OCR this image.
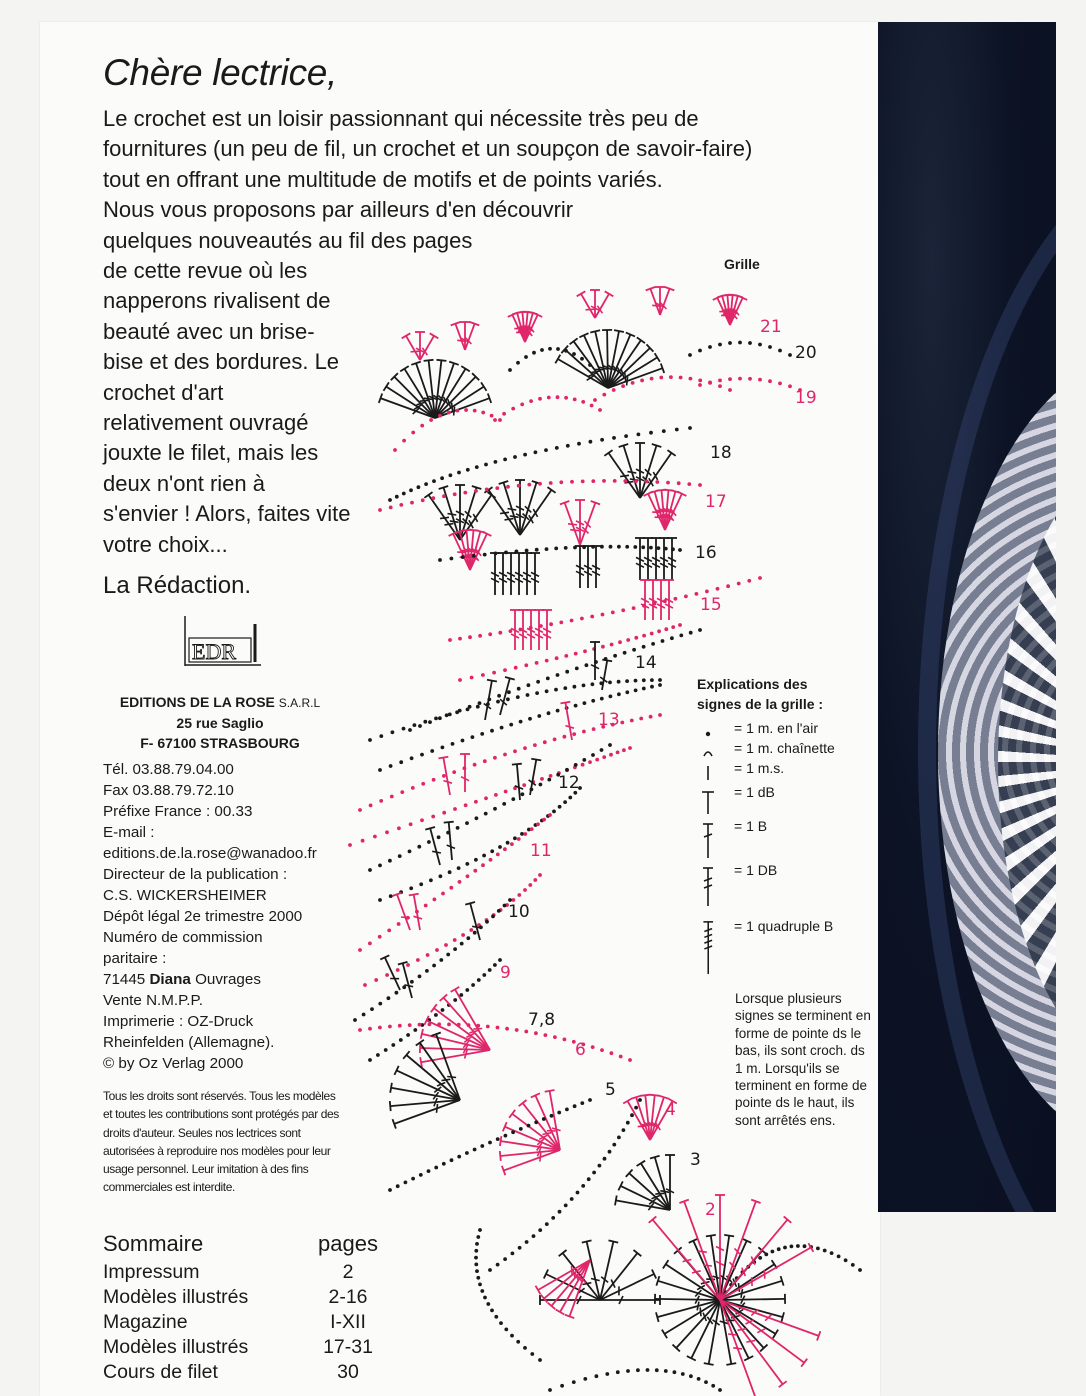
Chère lectrice,

Le crochet est un loisir passionnant qui nécessite très peu de
fournitures (un peu de fil, un crochet et un soupçon de savoir-faire)
tout en offrant une multitude de motifs et de points variés.
Nous vous proposons par ailleurs d'en découvrir
quelques nouveautés au fil des pages
de cette revue où les
napperons rivalisent de
beauté avec un brise-
bise et des bordures. Le
crochet d'art
relativement ouvragé
jouxte le filet, mais les
deux n'ont rien à
s'envier ! Alors, faites vite
votre choix...

La Rédaction.
EDR
EDITIONS DE LA ROSE S.A.R.L
25 rue Saglio
F- 67100 STRASBOURG
Tél. 03.88.79.04.00
Fax 03.88.79.72.10
Préfixe France : 00.33
E-mail :
editions.de.la.rose@wanadoo.fr
Directeur de la publication :
C.S. WICKERSHEIMER
Dépôt légal 2e trimestre 2000
Numéro de commission
paritaire :
71445 Diana Ouvrages
Vente N.M.P.P.
Imprimerie : OZ-Druck
Rheinfelden (Allemagne).
© by Oz Verlag 2000
Tous les droits sont réservés. Tous les modèles et toutes les contributions sont protégés par des droits d'auteur. Seules nos lectrices sont autorisées à reproduire nos modèles pour leur usage personnel. Leur imitation à des fins commerciales est interdite.
Sommaire	pages
Impressum	2
Modèles illustrés	2-16
Magazine	I-XII
Modèles illustrés	17-31
Cours de filet	30
Grille
21
20
19
18
17
16
15
14
13
12
11
10
9
7,8
6
5
4
3
2
Explications des
signes de la grille :
= 1 m. en l'air
= 1 m. chaînette
= 1 m.s.
= 1 dB
= 1 B
= 1 DB
= 1 quadruple B
Lorsque plusieurs signes se terminent en forme de pointe ds le bas, ils sont croch. ds 1 m. Lorsqu'ils se terminent en forme de pointe ds le haut, ils sont arrêtés ens.
